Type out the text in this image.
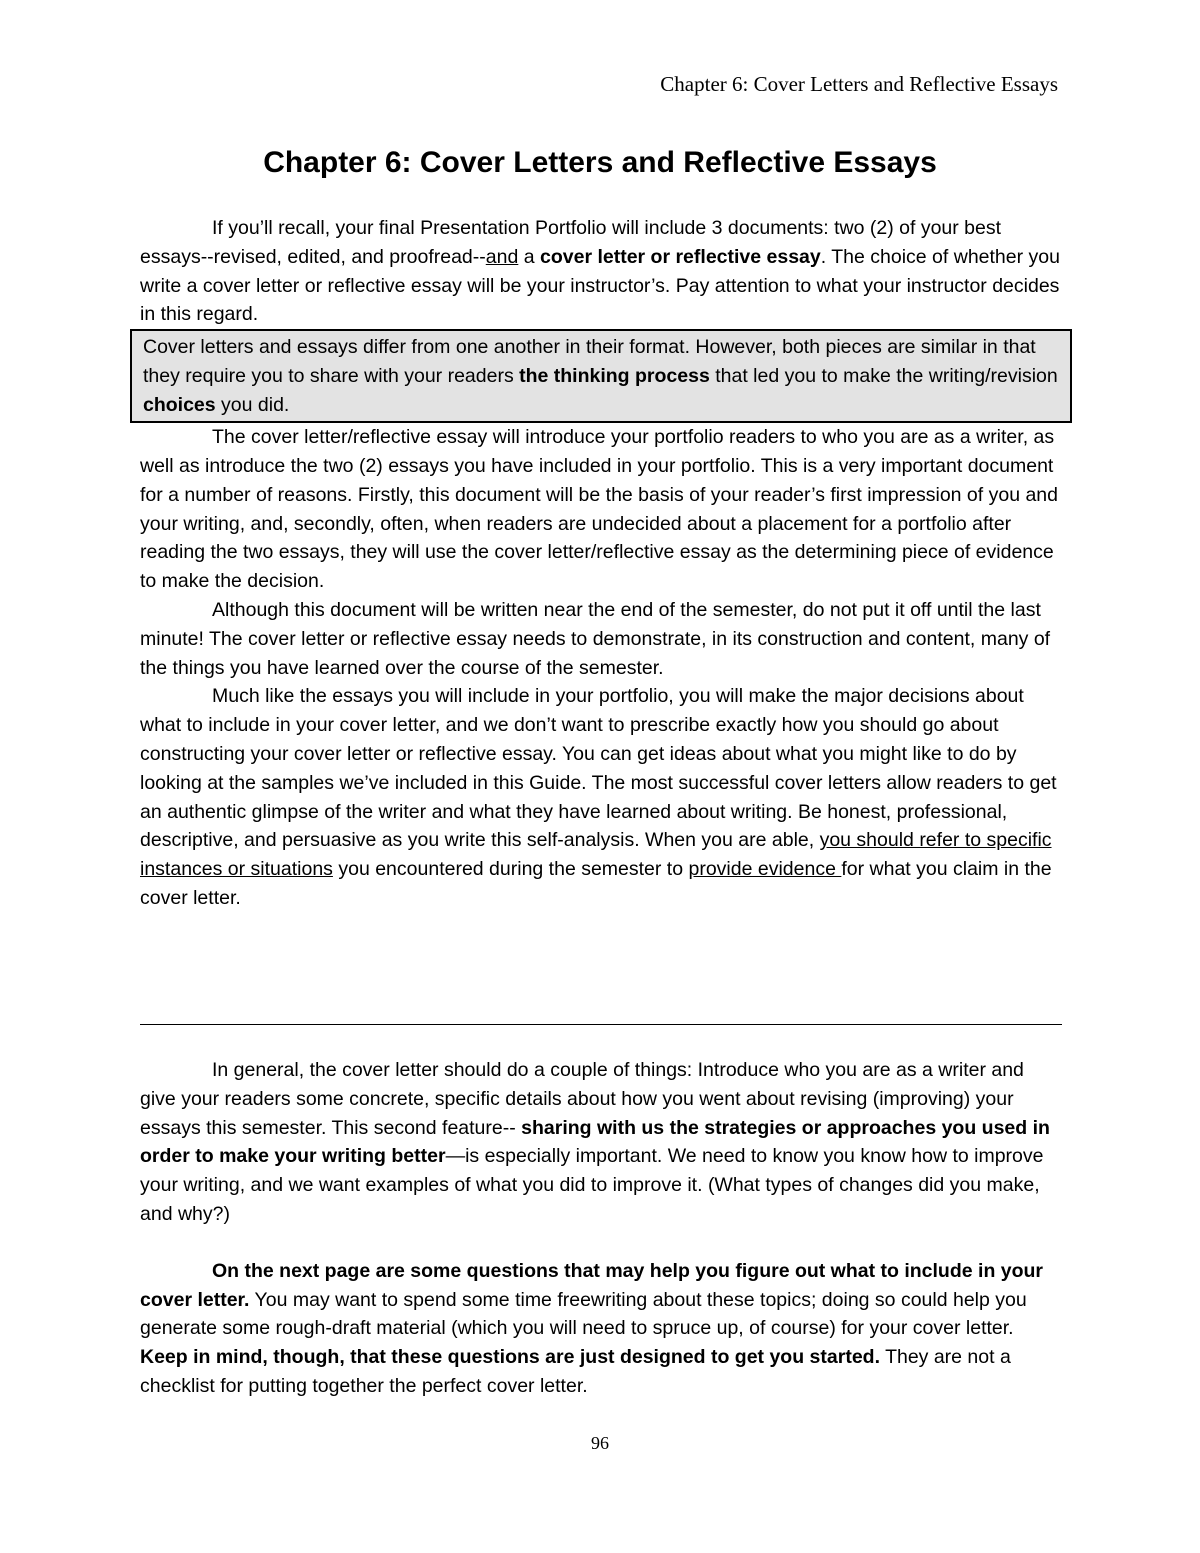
Chapter 6: Cover Letters and Reflective Essays
Chapter 6: Cover Letters and Reflective Essays

If you’ll recall, your final Presentation Portfolio will include 3 documents: two (2) of your best essays--revised, edited, and proofread--and a cover letter or reflective essay. The choice of whether you write a cover letter or reflective essay will be your instructor’s. Pay attention to what your instructor decides in this regard.

Cover letters and essays differ from one another in their format. However, both pieces are similar in that they require you to share with your readers the thinking process that led you to make the writing/revision choices you did.

The cover letter/reflective essay will introduce your portfolio readers to who you are as a writer, as well as introduce the two (2) essays you have included in your portfolio. This is a very important document for a number of reasons. Firstly, this document will be the basis of your reader’s first impression of you and your writing, and, secondly, often, when readers are undecided about a placement for a portfolio after reading the two essays, they will use the cover letter/reflective essay as the determining piece of evidence to make the decision.

Although this document will be written near the end of the semester, do not put it off until the last minute! The cover letter or reflective essay needs to demonstrate, in its construction and content, many of the things you have learned over the course of the semester.

Much like the essays you will include in your portfolio, you will make the major decisions about what to include in your cover letter, and we don’t want to prescribe exactly how you should go about constructing your cover letter or reflective essay. You can get ideas about what you might like to do by looking at the samples we’ve included in this Guide. The most successful cover letters allow readers to get an authentic glimpse of the writer and what they have learned about writing. Be honest, professional, descriptive, and persuasive as you write this self-analysis. When you are able, you should refer to specific instances or situations you encountered during the semester to provide evidence for what you claim in the cover letter.

In general, the cover letter should do a couple of things: Introduce who you are as a writer and give your readers some concrete, specific details about how you went about revising (improving) your essays this semester. This second feature-- sharing with us the strategies or approaches you used in order to make your writing better—is especially important. We need to know you know how to improve your writing, and we want examples of what you did to improve it. (What types of changes did you make, and why?)

On the next page are some questions that may help you figure out what to include in your cover letter. You may want to spend some time freewriting about these topics; doing so could help you generate some rough-draft material (which you will need to spruce up, of course) for your cover letter. Keep in mind, though, that these questions are just designed to get you started. They are not a checklist for putting together the perfect cover letter.

96
